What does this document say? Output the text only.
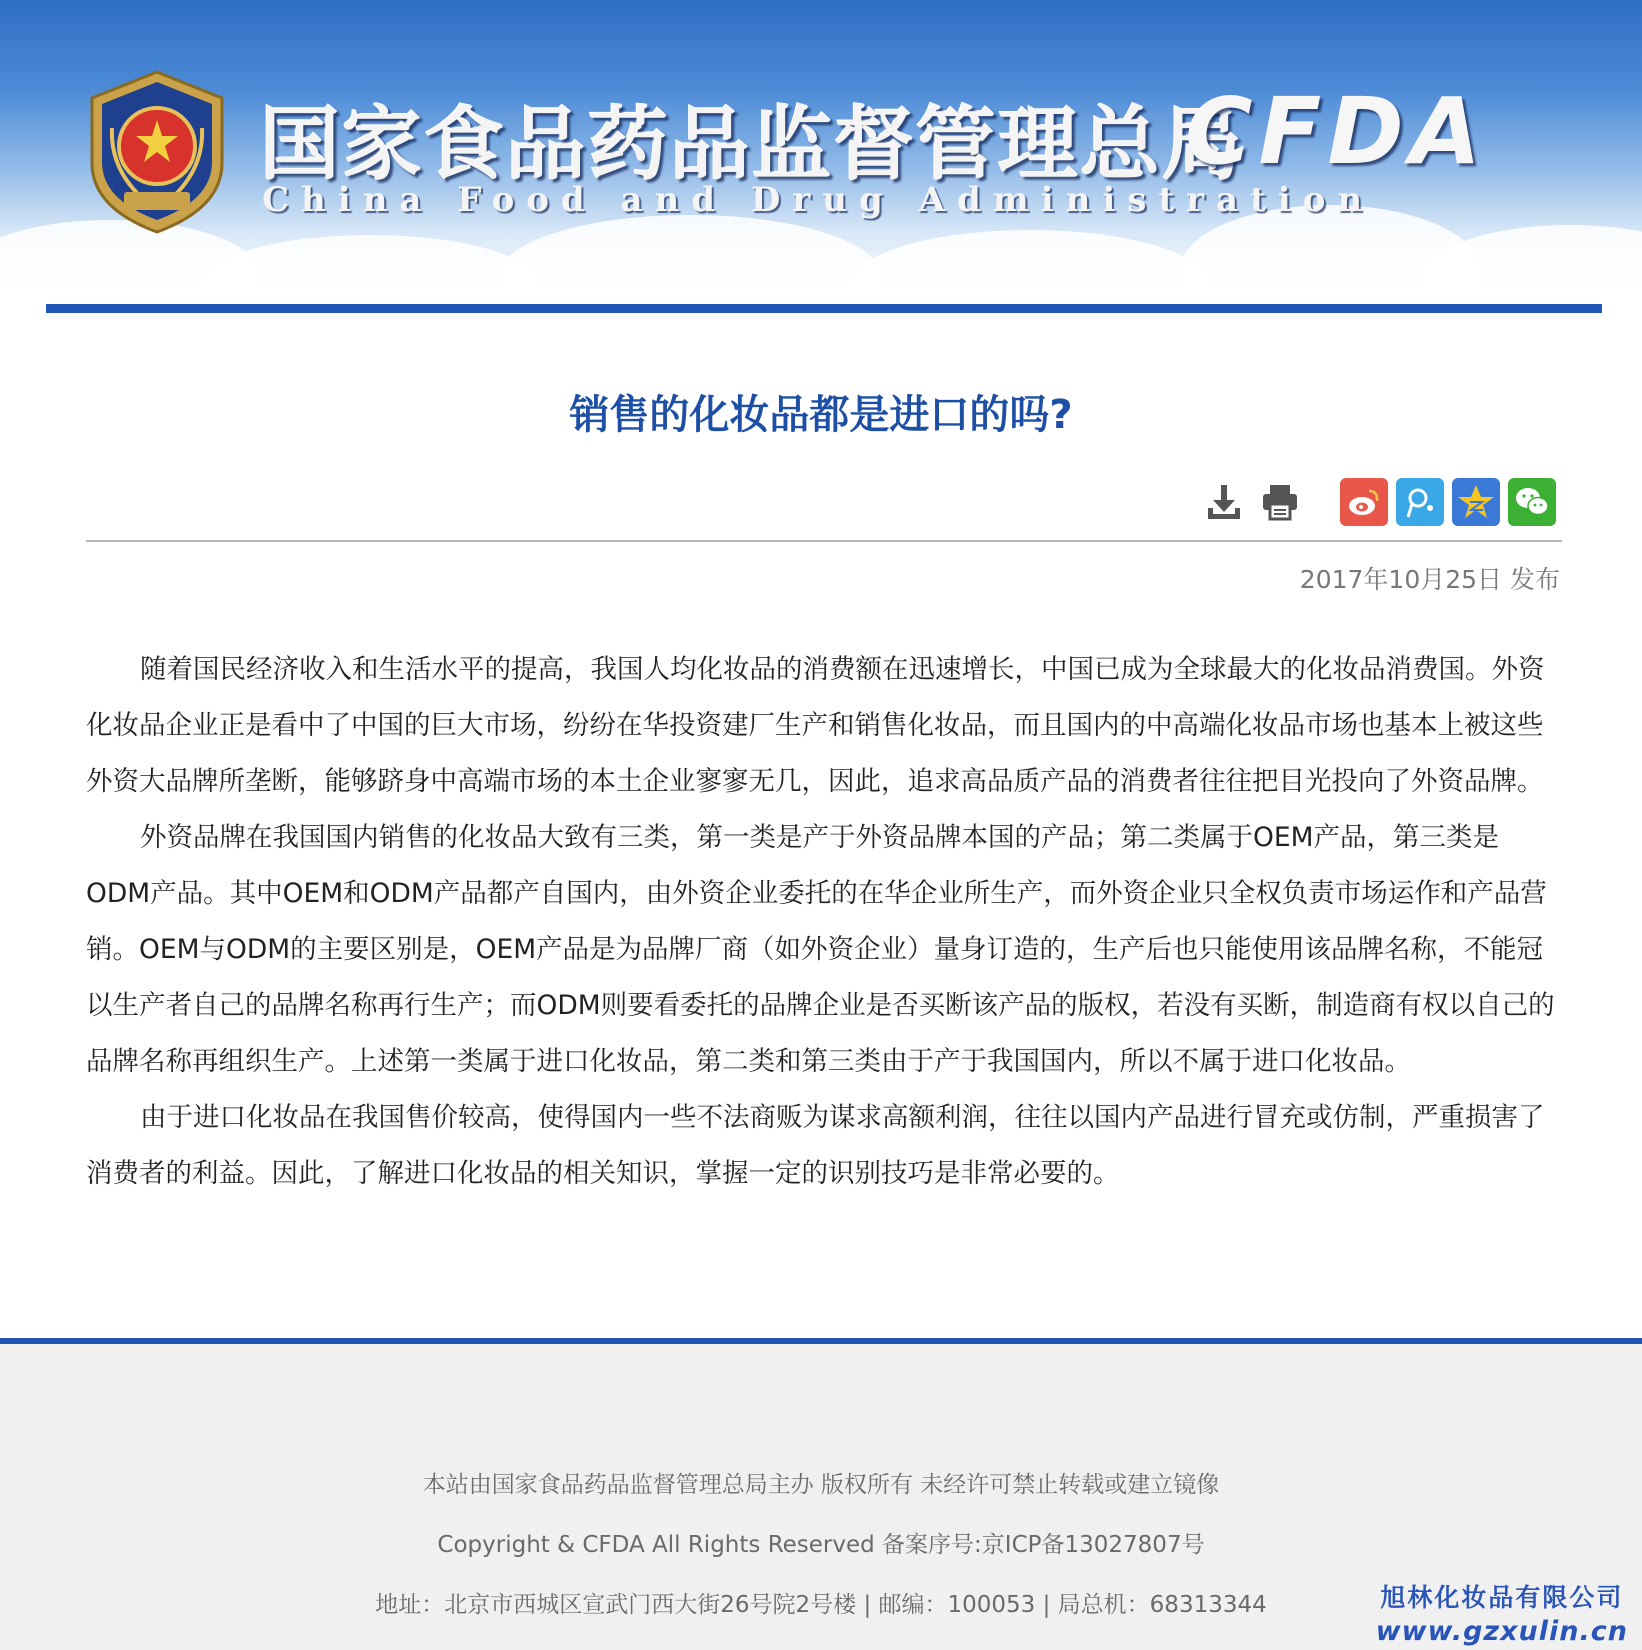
国家食品药品监督管理总局
China Food and Drug Administration
CFDA
销售的化妆品都是进口的吗?
2017年10月25日 发布

随着国民经济收入和生活水平的提高，我国人均化妆品的消费额在迅速增长，中国已成为全球最大的化妆品消费国。外资化妆品企业正是看中了中国的巨大市场，纷纷在华投资建厂生产和销售化妆品，而且国内的中高端化妆品市场也基本上被这些外资大品牌所垄断，能够跻身中高端市场的本土企业寥寥无几，因此，追求高品质产品的消费者往往把目光投向了外资品牌。

外资品牌在我国国内销售的化妆品大致有三类，第一类是产于外资品牌本国的产品；第二类属于OEM产品，第三类是ODM产品。其中OEM和ODM产品都产自国内，由外资企业委托的在华企业所生产，而外资企业只全权负责市场运作和产品营销。OEM与ODM的主要区别是，OEM产品是为品牌厂商（如外资企业）量身订造的，生产后也只能使用该品牌名称，不能冠以生产者自己的品牌名称再行生产；而ODM则要看委托的品牌企业是否买断该产品的版权，若没有买断，制造商有权以自己的品牌名称再组织生产。上述第一类属于进口化妆品，第二类和第三类由于产于我国国内，所以不属于进口化妆品。

由于进口化妆品在我国售价较高，使得国内一些不法商贩为谋求高额利润，往往以国内产品进行冒充或仿制，严重损害了消费者的利益。因此，了解进口化妆品的相关知识，掌握一定的识别技巧是非常必要的。

本站由国家食品药品监督管理总局主办 版权所有 未经许可禁止转载或建立镜像
Copyright & CFDA All Rights Reserved 备案序号:京ICP备13027807号
地址：北京市西城区宣武门西大街26号院2号楼 | 邮编：100053 | 局总机：68313344	旭林化妆品有限公司
www.gzxulin.cn
